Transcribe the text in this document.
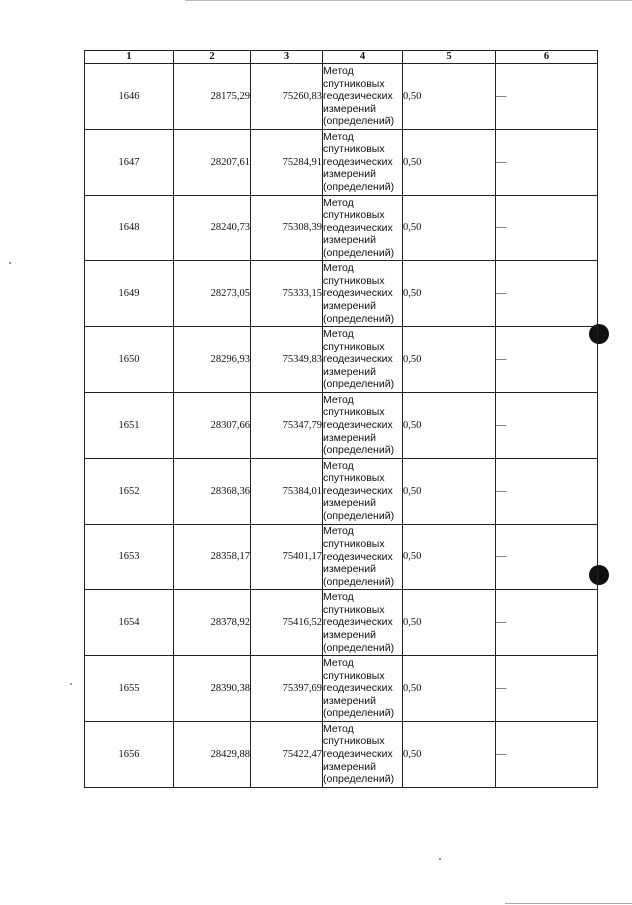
1	2	3	4	5	6
1646	28175,29	75260,83	Метод
спутниковых
геодезических
измерений
(определений)	0,50	—
1647	28207,61	75284,91	Метод
спутниковых
геодезических
измерений
(определений)	0,50	—
1648	28240,73	75308,39	Метод
спутниковых
геодезических
измерений
(определений)	0,50	—
1649	28273,05	75333,15	Метод
спутниковых
геодезических
измерений
(определений)	0,50	—
1650	28296,93	75349,83	Метод
спутниковых
геодезических
измерений
(определений)	0,50	—
1651	28307,66	75347,79	Метод
спутниковых
геодезических
измерений
(определений)	0,50	—
1652	28368,36	75384,01	Метод
спутниковых
геодезических
измерений
(определений)	0,50	—
1653	28358,17	75401,17	Метод
спутниковых
геодезических
измерений
(определений)	0,50	—
1654	28378,92	75416,52	Метод
спутниковых
геодезических
измерений
(определений)	0,50	—
1655	28390,38	75397,69	Метод
спутниковых
геодезических
измерений
(определений)	0,50	—
1656	28429,88	75422,47	Метод
спутниковых
геодезических
измерений
(определений)	0,50	—
